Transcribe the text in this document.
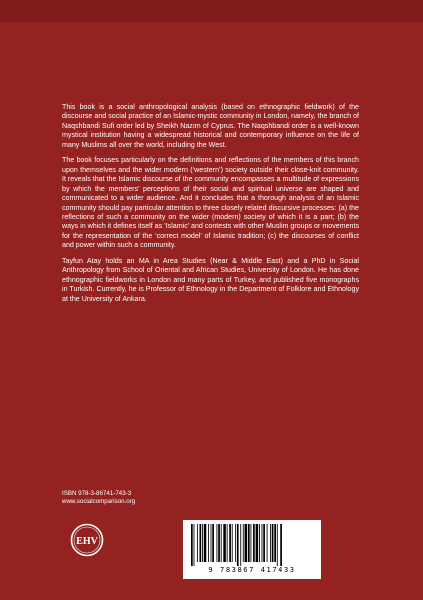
This book is a social anthropological analysis (based on ethnographic fieldwork) of the discourse and social practice of an Islamic-mystic community in London, namely, the branch of Naqshbandi Sufi order led by Sheikh Nazım of Cyprus. The Naqshbandi order is a well-known mystical institution having a widespread historical and contemporary influence on the life of many Muslims all over the world, including the West.

The book focuses particularly on the definitions and reflections of the members of this branch upon themselves and the wider modern (‘western’) society outside their close-knit community. It reveals that the Islamic discourse of the community encompasses a multitude of expressions by which the members’ perceptions of their social and spiritual universe are shaped and communicated to a wider audience. And it concludes that a thorough analysis of an Islamic community should pay particular attention to three closely related discursive processes: (a) the reflections of such a community on the wider (modern) society of which it is a part; (b) the ways in which it defines itself as ‘Islamic’ and contests with other Muslim groups or movements for the representation of the ‘correct model’ of Islamic tradition; (c) the discourses of conflict and power within such a community.

Tayfun Atay holds an MA in Area Studies (Near & Middle East) and a PhD in Social Anthropology from School of Oriental and African Studies, University of London. He has done ethnographic fieldworks in London and many parts of Turkey, and published five monographs in Turkish. Currently, he is Professor of Ethnology in the Department of Folklore and Ethnology at the University of Ankara.

ISBN 978-3-86741-743-3
www.socialcomparison.org
EHV
9 783867 417433
